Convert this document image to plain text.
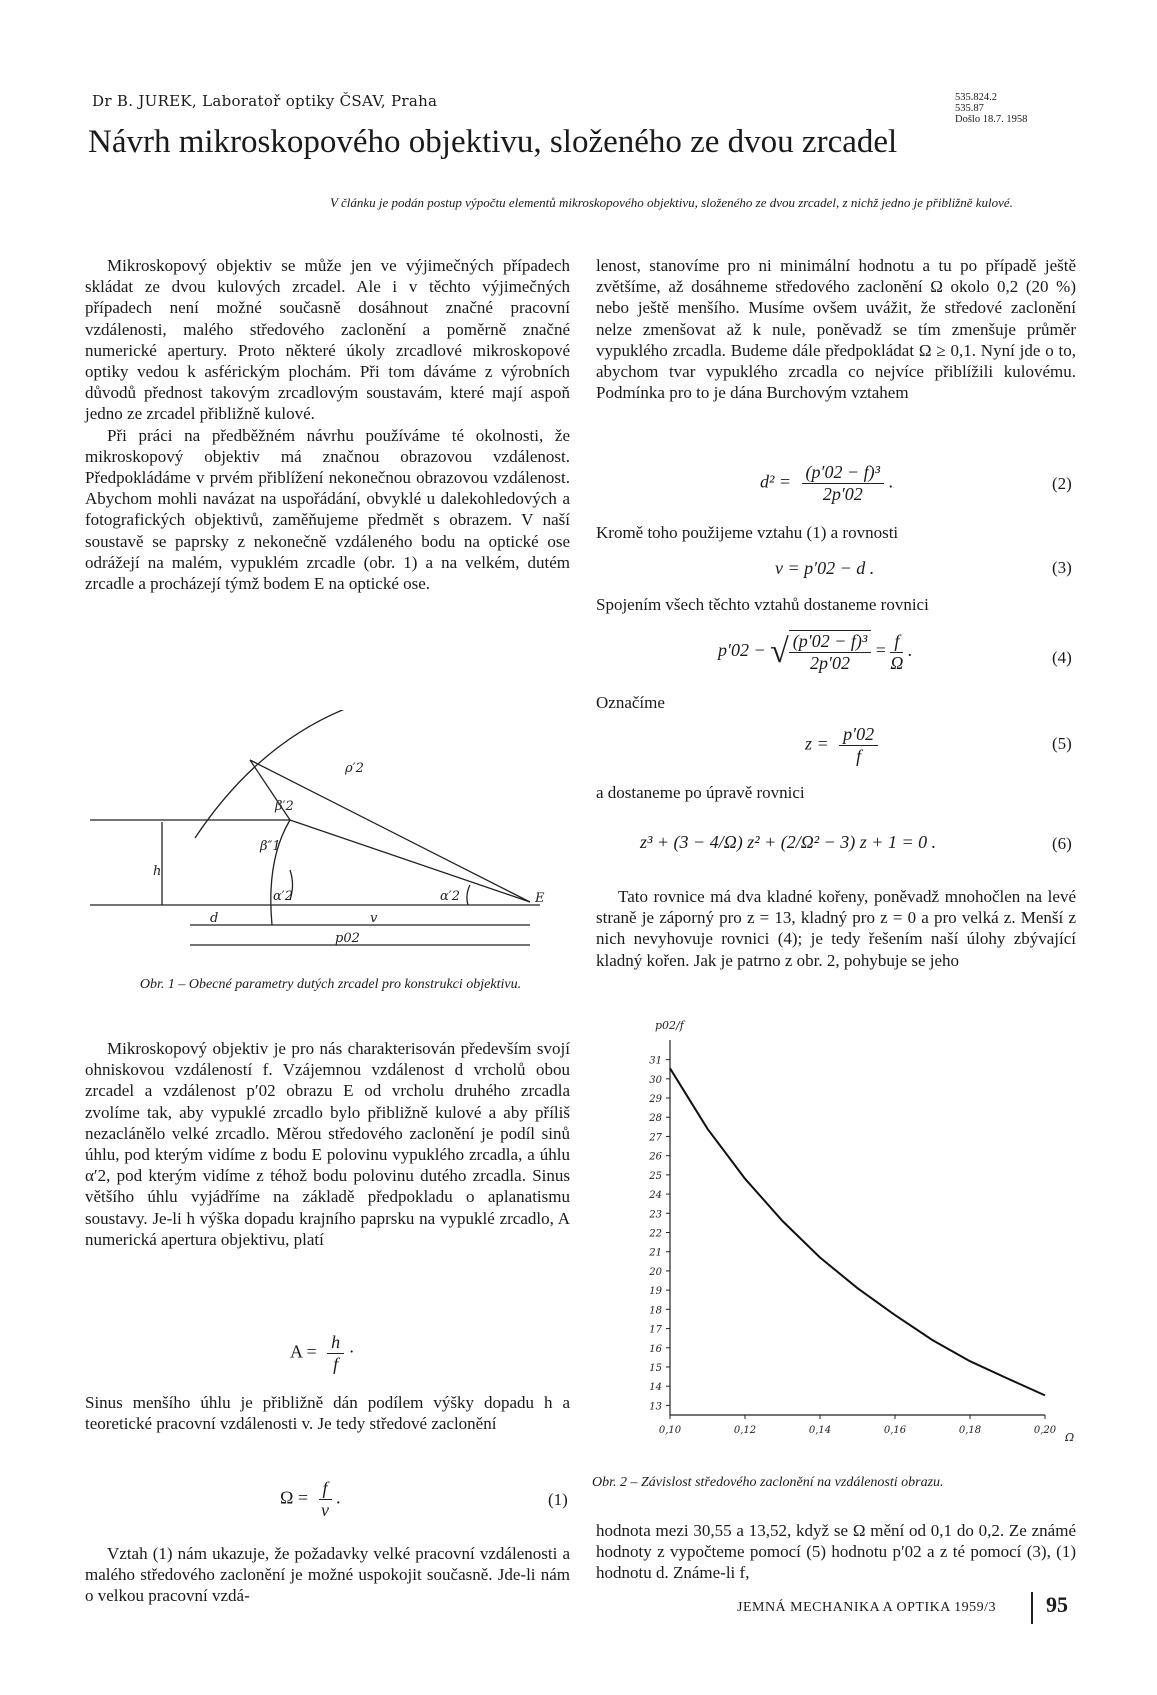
Dr B. JUREK, Laboratoř optiky ČSAV, Praha	535.824.2
535.87
Došlo 18.7. 1958
Návrh mikroskopového objektivu, složeného ze dvou zrcadel
V článku je podán postup výpočtu elementů mikroskopového objektivu, složeného ze dvou zrcadel, z nichž jedno je přibližně kulové.

Mikroskopový objektiv se může jen ve výjimečných případech skládat ze dvou kulových zrcadel. Ale i v těchto výjimečných případech není možné současně dosáhnout značné pracovní vzdálenosti, malého středového zaclonění a poměrně značné numerické apertury. Proto některé úkoly zrcadlové mikroskopové optiky vedou k asférickým plochám. Při tom dáváme z výrobních důvodů přednost takovým zrcadlovým soustavám, které mají aspoň jedno ze zrcadel přibližně kulové.

Při práci na předběžném návrhu používáme té okolnosti, že mikroskopový objektiv má značnou obrazovou vzdálenost. Předpokládáme v prvém přiblížení nekonečnou obrazovou vzdálenost. Abychom mohli navázat na uspořádání, obvyklé u dalekohledových a fotografických objektivů, zaměňujeme předmět s obrazem. V naší soustavě se paprsky z nekonečně vzdáleného bodu na optické ose odrážejí na malém, vypuklém zrcadle (obr. 1) a na velkém, dutém zrcadle a procházejí týmž bodem E na optické ose.

ρ′2
β′2
β″1
α′2	α′2	E
h
d	v
p02
Obr. 1 – Obecné parametry dutých zrcadel pro konstrukci objektivu.

Mikroskopový objektiv je pro nás charakterisován především svojí ohniskovou vzdáleností f. Vzájemnou vzdálenost d vrcholů obou zrcadel a vzdálenost p′02 obrazu E od vrcholu druhého zrcadla zvolíme tak, aby vypuklé zrcadlo bylo přibližně kulové a aby příliš nezaclánělo velké zrcadlo. Měrou středového zaclonění je podíl sinů úhlu, pod kterým vidíme z bodu E polovinu vypuklého zrcadla, a úhlu α′2, pod kterým vidíme z téhož bodu polovinu dutého zrcadla. Sinus většího úhlu vyjádříme na základě předpokladu o aplanatismu soustavy. Je-li h výška dopadu krajního paprsku na vypuklé zrcadlo, A numerická apertura objektivu, platí

$A = \frac{h}{f}$ ·

Sinus menšího úhlu je přibližně dán podílem výšky dopadu h a teoretické pracovní vzdálenosti v. Je tedy středové zaclonění

$\Omega = \frac{f}{v}$ .	(1)

Vztah (1) nám ukazuje, že požadavky velké pracovní vzdálenosti a malého středového zaclonění je možné uspokojit současně. Jde-li nám o velkou pracovní vzdá-

lenost, stanovíme pro ni minimální hodnotu a tu po případě ještě zvětšíme, až dosáhneme středového zaclonění Ω okolo 0,2 (20 %) nebo ještě menšího. Musíme ovšem uvážit, že středové zaclonění nelze zmenšovat až k nule, poněvadž se tím zmenšuje průměr vypuklého zrcadla. Budeme dále předpokládat Ω ≥ 0,1. Nyní jde o to, abychom tvar vypuklého zrcadla co nejvíce přiblížili kulovému. Podmínka pro to je dána Burchovým vztahem

$d^2 = \frac{\text{(p′02 − f)³}}{2p'02}$ .	(2)
Kromě toho použijeme vztahu (1) a rovnosti
v = p′02 − d .	(3)
Spojením všech těchto vztahů dostaneme rovnici
p′02 − √ $\frac{\text{(p′02 − f)³}}{2p'02} = \frac{f}{\Omega}$ .	(4)
Označíme
$z = \frac{p'02}{f}$	(5)
a dostaneme po úpravě rovnici
z³ + (3 − 4/Ω) z² + (2/Ω² − 3) z + 1 = 0 .	(6)

Tato rovnice má dva kladné kořeny, poněvadž mnohočlen na levé straně je záporný pro z = 13, kladný pro z = 0 a pro velká z. Menší z nich nevyhovuje rovnici (4); je tedy řešením naší úlohy zbývající kladný kořen. Jak je patrno z obr. 2, pohybuje se jeho

p02/f
Ω
13
14
15
16
17
18
19
20
21
22
23
24
25
26
27
28
29
30
31
0,10	0,12	0,14	0,16	0,18	0,20
Obr. 2 – Závislost středového zaclonění na vzdálenosti obrazu.

hodnota mezi 30,55 a 13,52, když se Ω mění od 0,1 do 0,2. Ze známé hodnoty z vypočteme pomocí (5) hodnotu p′02 a z té pomocí (3), (1) hodnotu d. Známe-li f,

JEMNÁ MECHANIKA A OPTIKA 1959/3 95
